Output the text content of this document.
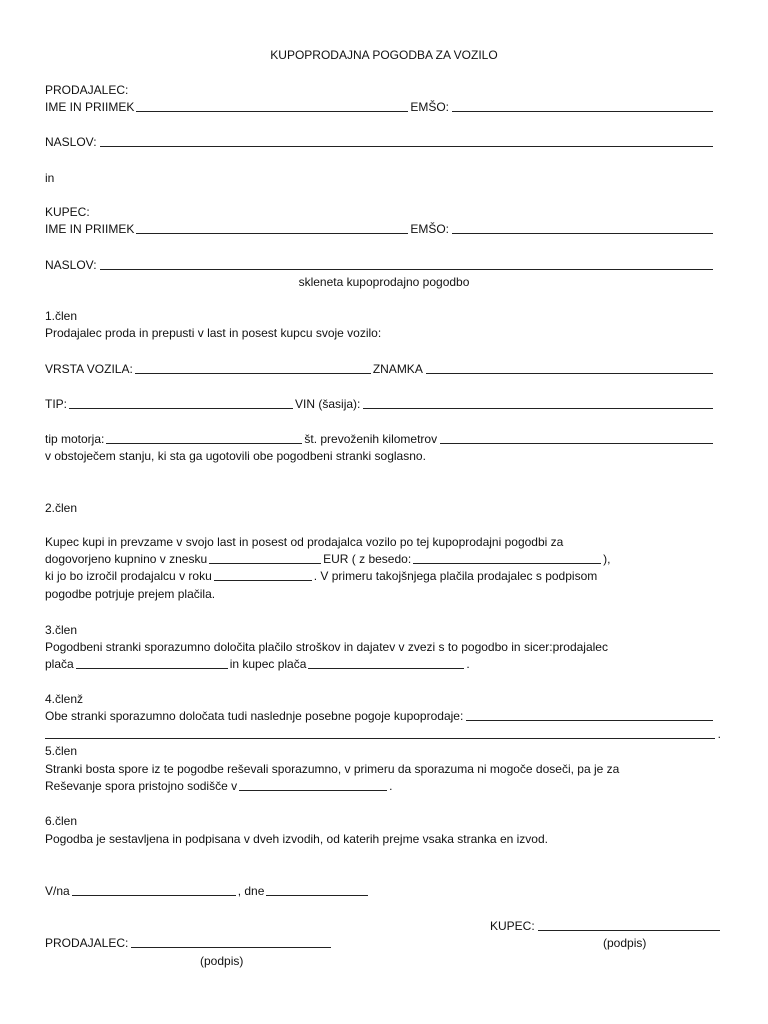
KUPOPRODAJNA POGODBA ZA VOZILO
PRODAJALEC:
IME IN PRIIMEK	EMŠO:
NASLOV:
in
KUPEC:
IME IN PRIIMEK	EMŠO:
NASLOV:
skleneta kupoprodajno pogodbo
1.člen
Prodajalec proda in prepusti v last in posest kupcu svoje vozilo:
VRSTA VOZILA:	ZNAMKA
TIP:	VIN (šasija):
tip motorja:	št. prevoženih kilometrov
v obstoječem stanju, ki sta ga ugotovili obe pogodbeni stranki soglasno.
2.člen
Kupec kupi in prevzame v svojo last in posest od prodajalca vozilo po tej kupoprodajni pogodbi za
dogovorjeno kupnino v znesku	EUR ( z besedo:	),
ki jo bo izročil prodajalcu v roku	. V primeru takojšnjega plačila prodajalec s podpisom
pogodbe potrjuje prejem plačila.
3.člen
Pogodbeni stranki sporazumno določita plačilo stroškov in dajatev v zvezi s to pogodbo in sicer:prodajalec
plača	in kupec plača	.
4.členž
Obe stranki sporazumno določata tudi naslednje posebne pogoje kupoprodaje:
.
5.člen
Stranki bosta spore iz te pogodbe reševali sporazumno, v primeru da sporazuma ni mogoče doseči, pa je za
Reševanje spora pristojno sodišče v	.
6.člen
Pogodba je sestavljena in podpisana v dveh izvodih, od katerih prejme vsaka stranka en izvod.
V/na	, dne
KUPEC:
(podpis)
PRODAJALEC:
(podpis)
